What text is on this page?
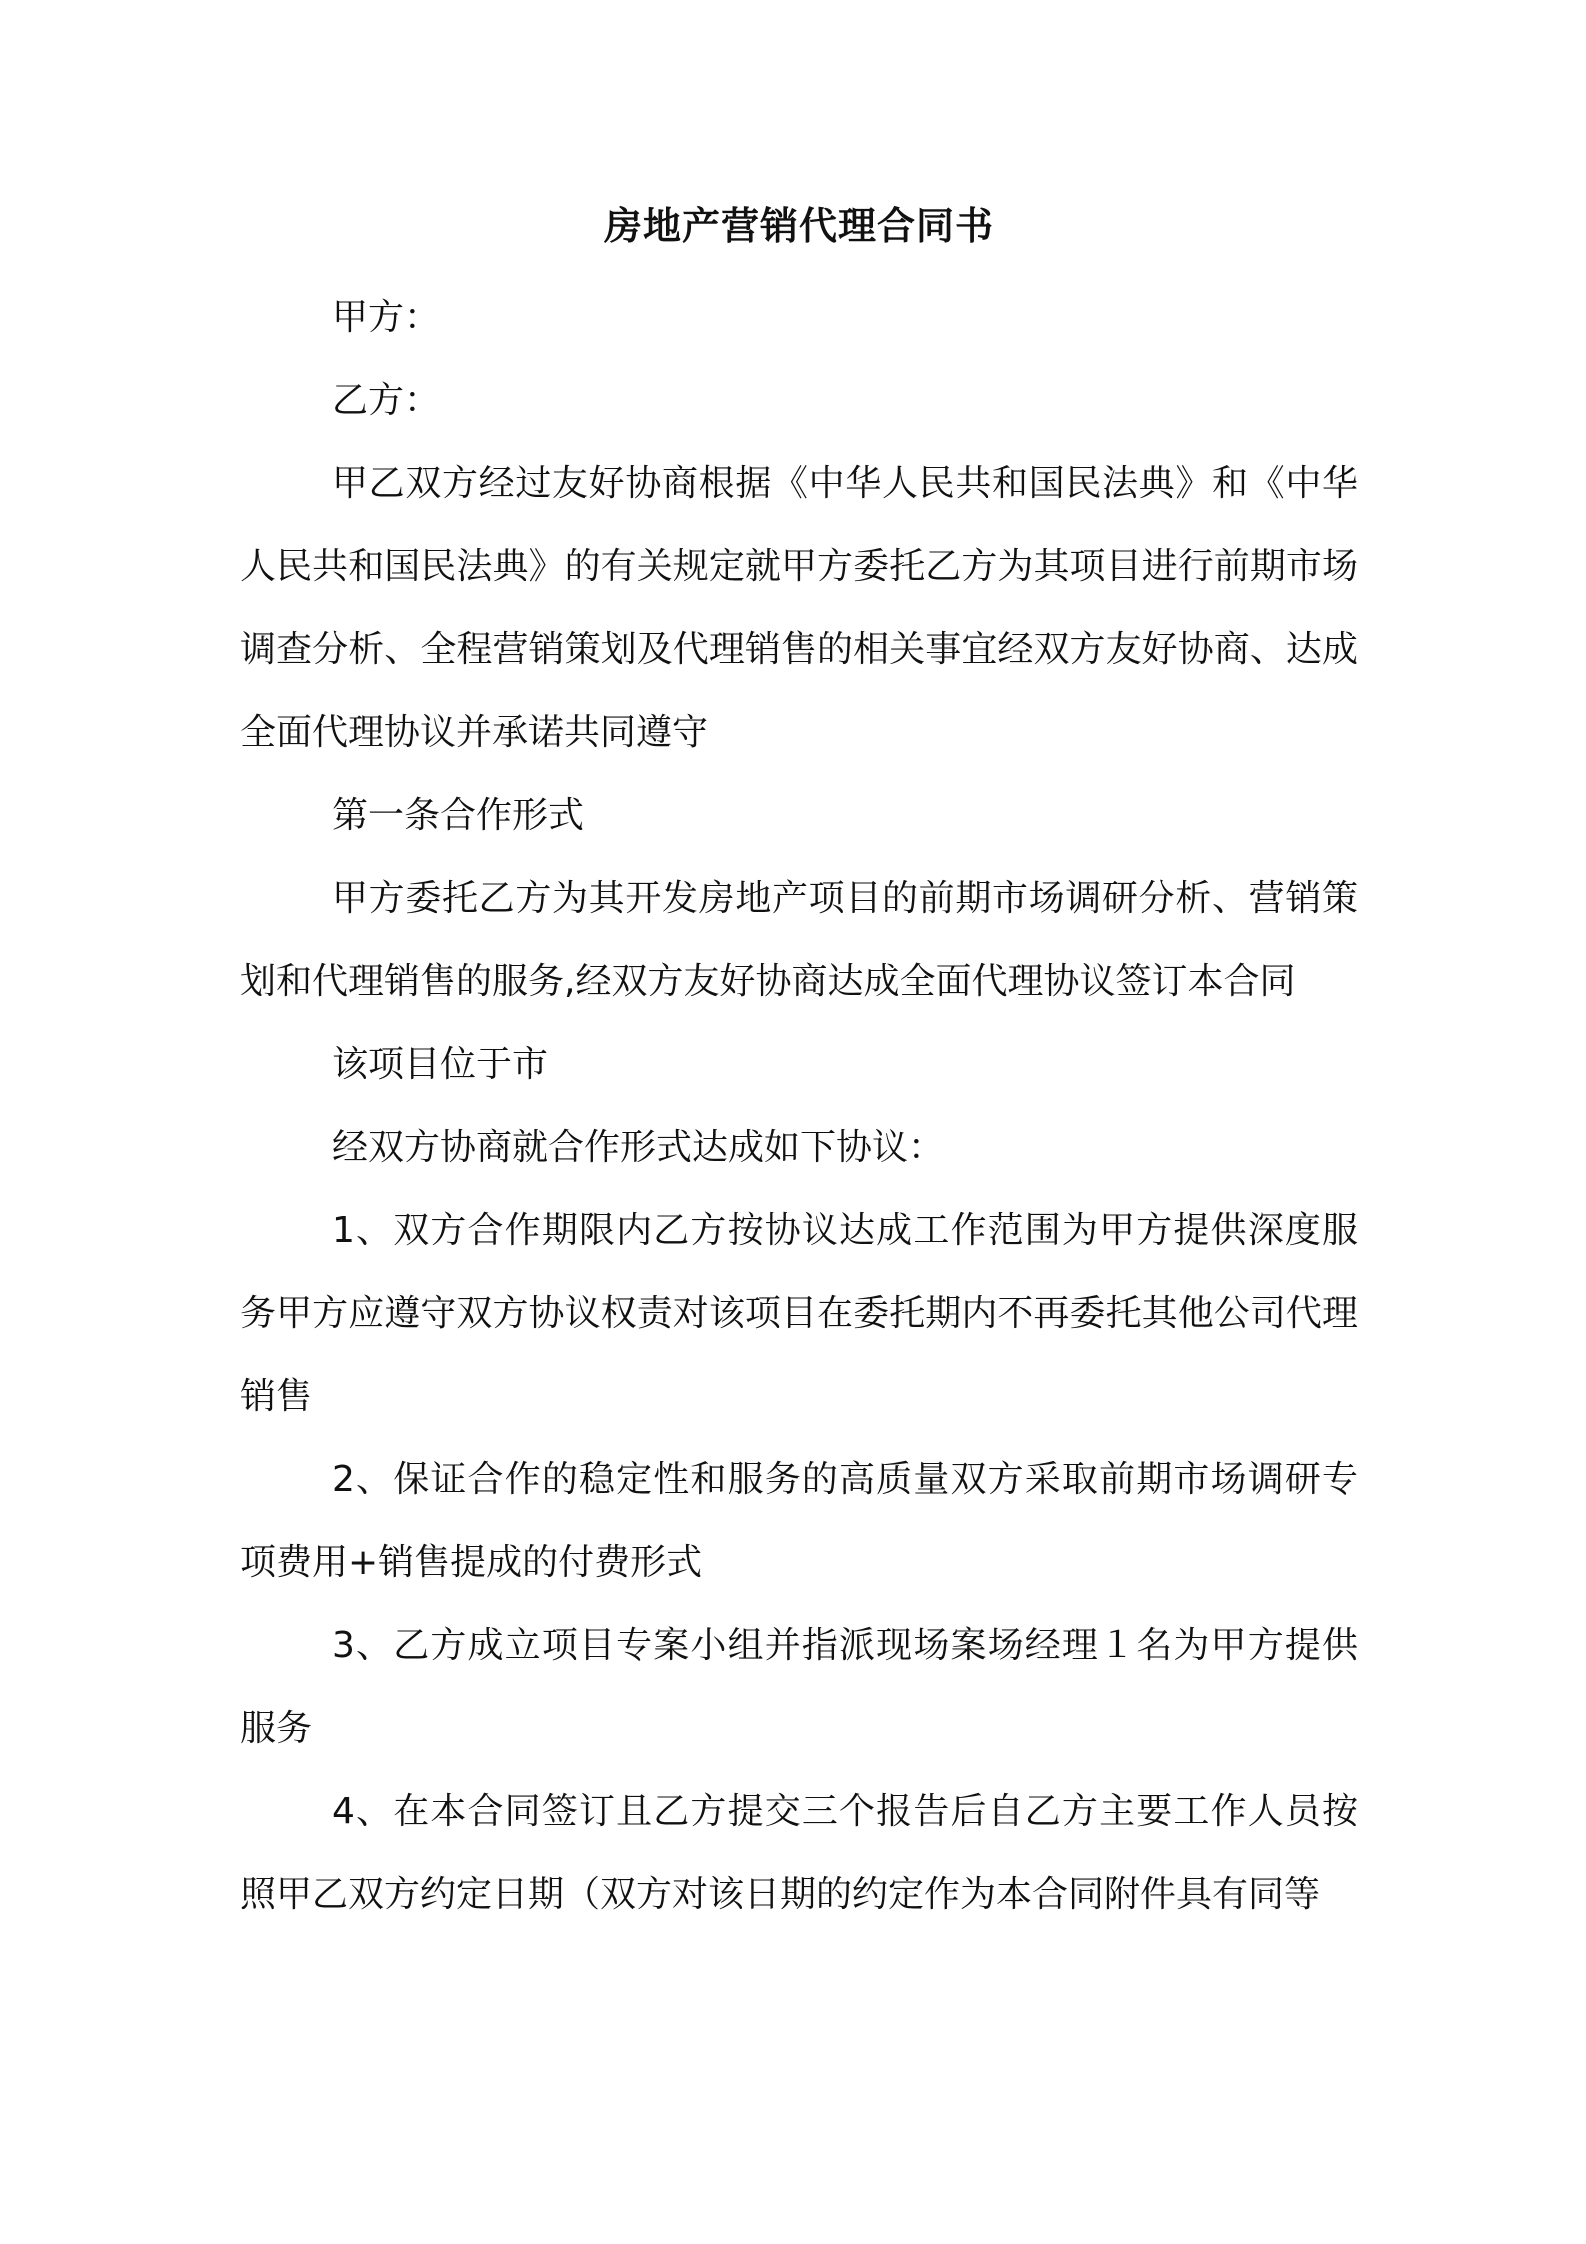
房地产营销代理合同书

甲方：

乙方：

甲乙双方经过友好协商根据《中华人民共和国民法典》和《中华人民共和国民法典》的有关规定就甲方委托乙方为其项目进行前期市场调查分析、全程营销策划及代理销售的相关事宜经双方友好协商、达成全面代理协议并承诺共同遵守

第一条合作形式

甲方委托乙方为其开发房地产项目的前期市场调研分析、营销策划和代理销售的服务,经双方友好协商达成全面代理协议签订本合同

该项目位于市

经双方协商就合作形式达成如下协议：

1、双方合作期限内乙方按协议达成工作范围为甲方提供深度服务甲方应遵守双方协议权责对该项目在委托期内不再委托其他公司代理销售

2、保证合作的稳定性和服务的高质量双方采取前期市场调研专项费用+销售提成的付费形式

3、乙方成立项目专案小组并指派现场案场经理１名为甲方提供服务

4、在本合同签订且乙方提交三个报告后自乙方主要工作人员按照甲乙双方约定日期（双方对该日期的约定作为本合同附件具有同等
